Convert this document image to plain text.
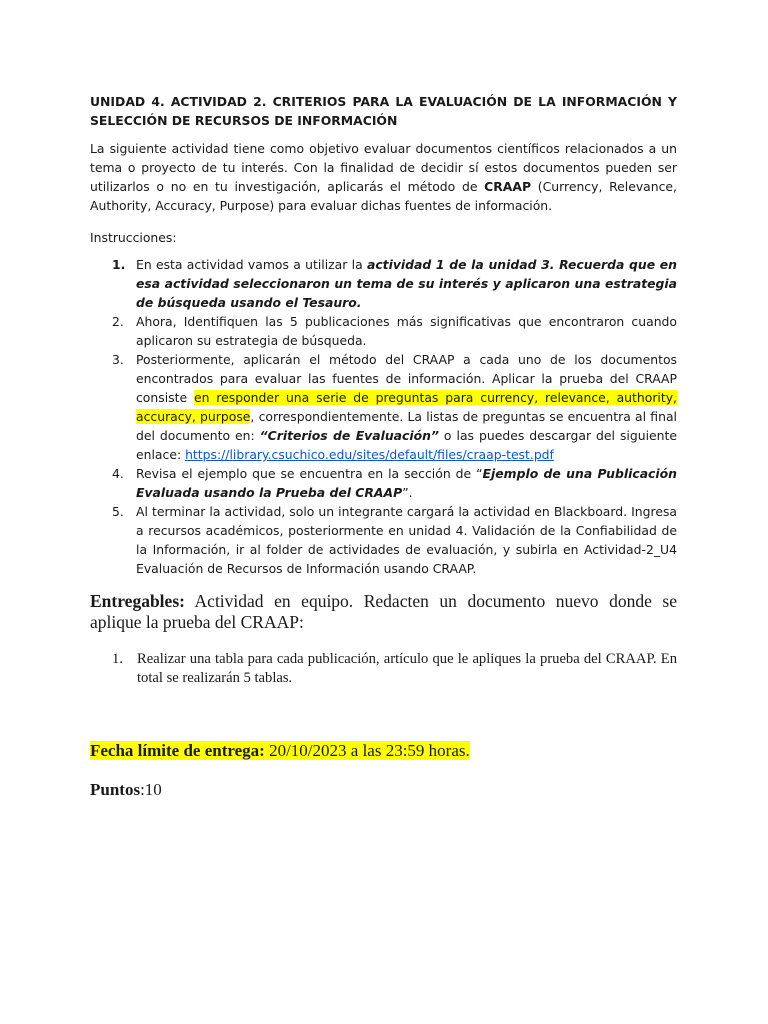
UNIDAD 4. ACTIVIDAD 2. CRITERIOS PARA LA EVALUACIÓN DE LA INFORMACIÓN Y SELECCIÓN DE RECURSOS DE INFORMACIÓN

La siguiente actividad tiene como objetivo evaluar documentos científicos relacionados a un tema o proyecto de tu interés. Con la finalidad de decidir sí estos documentos pueden ser utilizarlos o no en tu investigación, aplicarás el método de CRAAP (Currency, Relevance, Authority, Accuracy, Purpose) para evaluar dichas fuentes de información.

Instrucciones:
1. En esta actividad vamos a utilizar la actividad 1 de la unidad 3. Recuerda que en esa actividad seleccionaron un tema de su interés y aplicaron una estrategia de búsqueda usando el Tesauro.
2. Ahora, Identifiquen las 5 publicaciones más significativas que encontraron cuando aplicaron su estrategia de búsqueda.
3. Posteriormente, aplicarán el método del CRAAP a cada uno de los documentos encontrados para evaluar las fuentes de información. Aplicar la prueba del CRAAP consiste en responder una serie de preguntas para currency, relevance, authority, accuracy, purpose, correspondientemente. La listas de preguntas se encuentra al final del documento en: “Criterios de Evaluación” o las puedes descargar del siguiente enlace: https://library.csuchico.edu/sites/default/files/craap-test.pdf
4. Revisa el ejemplo que se encuentra en la sección de “Ejemplo de una Publicación Evaluada usando la Prueba del CRAAP”.
5. Al terminar la actividad, solo un integrante cargará la actividad en Blackboard. Ingresa a recursos académicos, posteriormente en unidad 4. Validación de la Confiabilidad de la Información, ir al folder de actividades de evaluación, y subirla en Actividad-2_U4 Evaluación de Recursos de Información usando CRAAP.

Entregables: Actividad en equipo. Redacten un documento nuevo donde se aplique la prueba del CRAAP:

1. Realizar una tabla para cada publicación, artículo que le apliques la prueba del CRAAP. En total se realizarán 5 tablas.
Fecha límite de entrega: 20/10/2023 a las 23:59 horas.
Puntos:10
